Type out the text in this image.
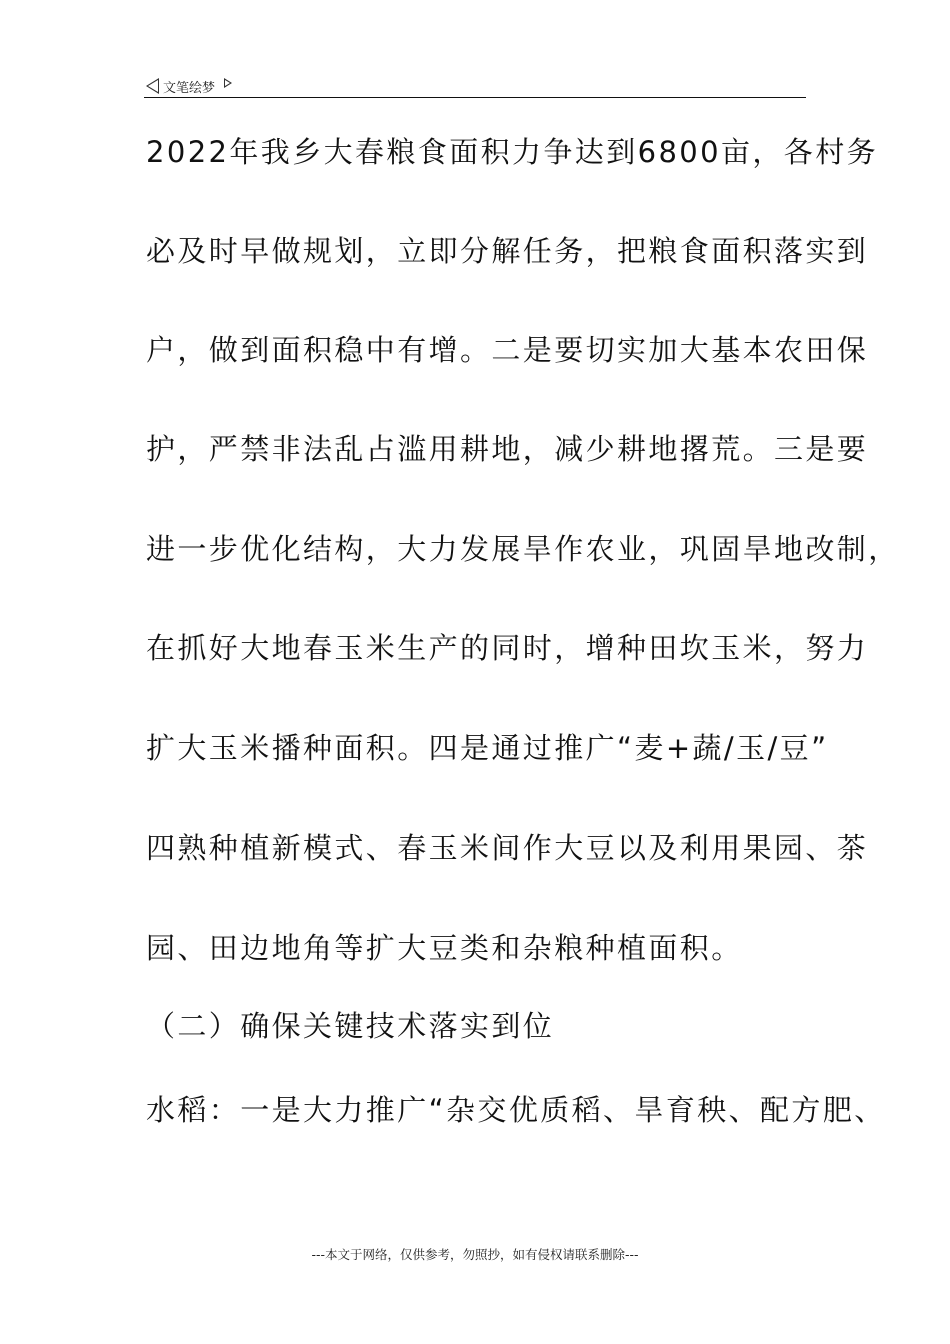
文笔绘梦
2022年我乡大春粮食面积力争达到6800亩，各村务
必及时早做规划，立即分解任务，把粮食面积落实到
户，做到面积稳中有增。二是要切实加大基本农田保
护，严禁非法乱占滥用耕地，减少耕地撂荒。三是要
进一步优化结构，大力发展旱作农业，巩固旱地改制，
在抓好大地春玉米生产的同时，增种田坎玉米，努力
扩大玉米播种面积。四是通过推广“麦+蔬/玉/豆”
四熟种植新模式、春玉米间作大豆以及利用果园、茶
园、田边地角等扩大豆类和杂粮种植面积。
（二）确保关键技术落实到位
水稻：一是大力推广“杂交优质稻、旱育秧、配方肥、
---本文于网络，仅供参考，勿照抄，如有侵权请联系删除---
